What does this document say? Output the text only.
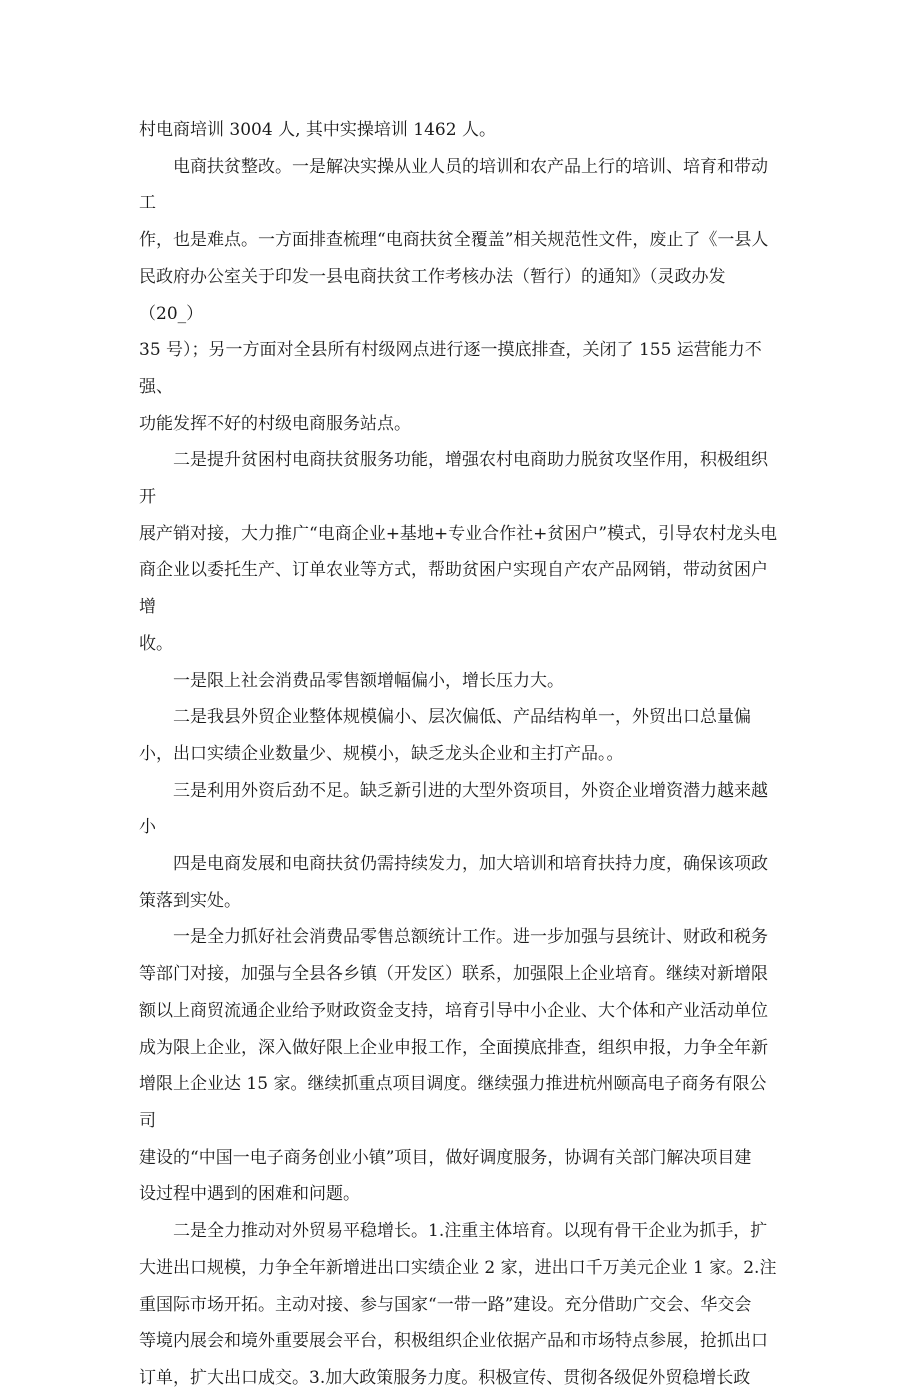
村电商培训 3004 人, 其中实操培训 1462 人。

电商扶贫整改。一是解决实操从业人员的培训和农产品上行的培训、培育和带动工
作，也是难点。一方面排查梳理“电商扶贫全覆盖”相关规范性文件，废止了《一县人
民政府办公室关于印发一县电商扶贫工作考核办法（暂行）的通知》（灵政办发（20_）
35 号）；另一方面对全县所有村级网点进行逐一摸底排查，关闭了 155 运营能力不强、
功能发挥不好的村级电商服务站点。

二是提升贫困村电商扶贫服务功能，增强农村电商助力脱贫攻坚作用，积极组织开
展产销对接，大力推广“电商企业+基地+专业合作社+贫困户”模式，引导农村龙头电
商企业以委托生产、订单农业等方式，帮助贫困户实现自产农产品网销，带动贫困户增
收。

一是限上社会消费品零售额增幅偏小，增长压力大。

二是我县外贸企业整体规模偏小、层次偏低、产品结构单一，外贸出口总量偏
小，出口实绩企业数量少、规模小，缺乏龙头企业和主打产品。。

三是利用外资后劲不足。缺乏新引进的大型外资项目，外资企业增资潜力越来越
小

四是电商发展和电商扶贫仍需持续发力，加大培训和培育扶持力度，确保该项政
策落到实处。

一是全力抓好社会消费品零售总额统计工作。进一步加强与县统计、财政和税务
等部门对接，加强与全县各乡镇（开发区）联系，加强限上企业培育。继续对新增限
额以上商贸流通企业给予财政资金支持，培育引导中小企业、大个体和产业活动单位
成为限上企业，深入做好限上企业申报工作，全面摸底排查，组织申报，力争全年新
增限上企业达 15 家。继续抓重点项目调度。继续强力推进杭州颐高电子商务有限公司
建设的“中国一电子商务创业小镇”项目，做好调度服务，协调有关部门解决项目建
设过程中遇到的困难和问题。

二是全力推动对外贸易平稳增长。1.注重主体培育。以现有骨干企业为抓手，扩
大进出口规模，力争全年新增进出口实绩企业 2 家，进出口千万美元企业 1 家。2.注
重国际市场开拓。主动对接、参与国家“一带一路”建设。充分借助广交会、华交会
等境内展会和境外重要展会平台，积极组织企业依据产品和市场特点参展，抢抓出口
订单，扩大出口成交。3.加大政策服务力度。积极宣传、贯彻各级促外贸稳增长政
